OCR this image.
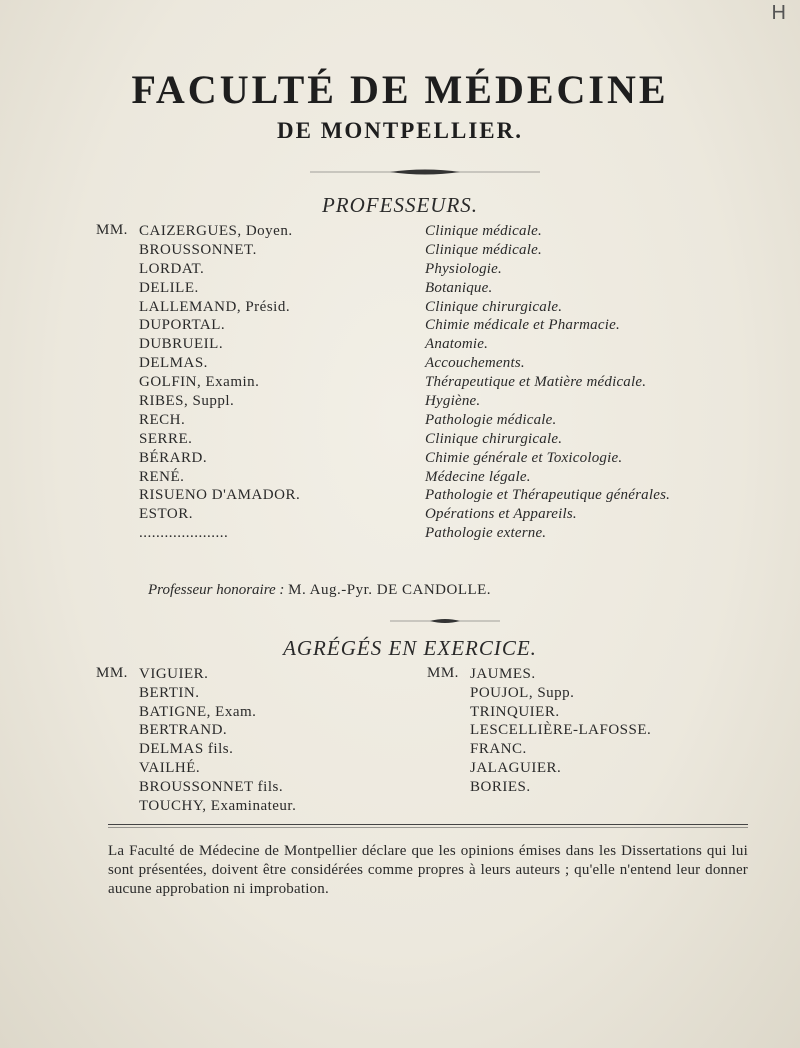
H
FACULTÉ DE MÉDECINE
DE MONTPELLIER.
PROFESSEURS.
MM. CAIZERGUES, Doyen.
BROUSSONNET.
LORDAT.
DELILE.
LALLEMAND, Présid.
DUPORTAL.
DUBRUEIL.
DELMAS.
GOLFIN, Examin.
RIBES, Suppl.
RECH.
SERRE.
BÉRARD.
RENÉ.
RISUENO D'AMADOR.
ESTOR.
.....................
Clinique médicale.
Clinique médicale.
Physiologie.
Botanique.
Clinique chirurgicale.
Chimie médicale et Pharmacie.
Anatomie.
Accouchements.
Thérapeutique et Matière médicale.
Hygiène.
Pathologie médicale.
Clinique chirurgicale.
Chimie générale et Toxicologie.
Médecine légale.
Pathologie et Thérapeutique générales.
Opérations et Appareils.
Pathologie externe.
Professeur honoraire : M. Aug.-Pyr. DE CANDOLLE.
AGRÉGÉS EN EXERCICE.
MM. VIGUIER.
BERTIN.
BATIGNE, Exam.
BERTRAND.
DELMAS fils.
VAILHÉ.
BROUSSONNET fils.
TOUCHY, Examinateur.
MM. JAUMES.
POUJOL, Supp.
TRINQUIER.
LESCELLIÈRE-LAFOSSE.
FRANC.
JALAGUIER.
BORIES.
La Faculté de Médecine de Montpellier déclare que les opinions émises dans les Dissertations qui lui sont présentées, doivent être considérées comme propres à leurs auteurs ; qu'elle n'entend leur donner aucune approbation ni improbation.
